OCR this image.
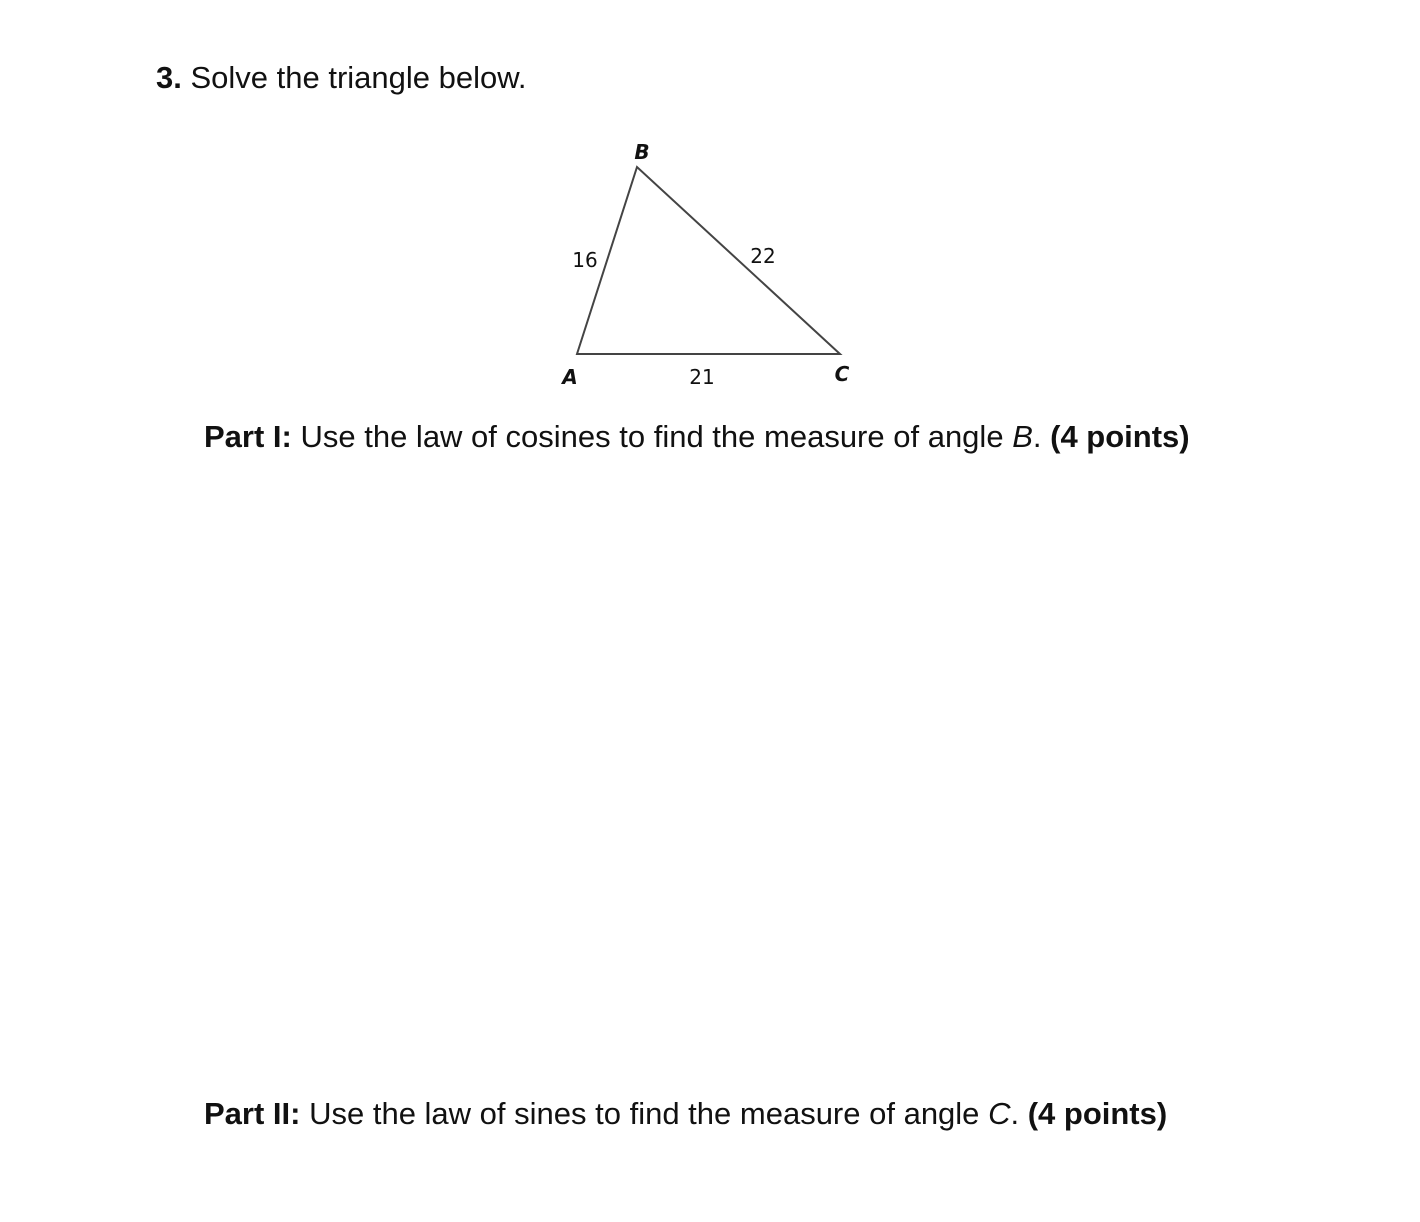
3. Solve the triangle below.
B
A	C
16	22
21
Part I: Use the law of cosines to find the measure of angle B. (4 points)
Part II: Use the law of sines to find the measure of angle C. (4 points)
